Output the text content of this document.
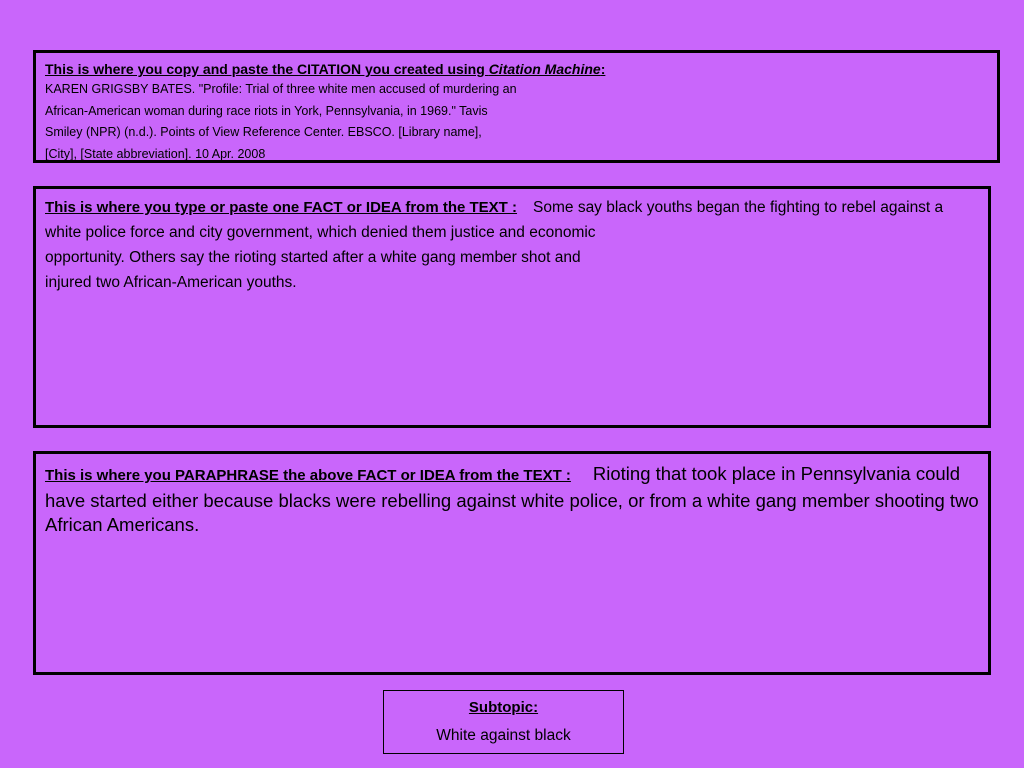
This is where you copy and paste the CITATION you created using Citation Machine:
KAREN GRIGSBY BATES. "Profile: Trial of three white men accused of murdering an
African-American woman during race riots in York, Pennsylvania, in 1969." Tavis
Smiley (NPR) (n.d.). Points of View Reference Center. EBSCO. [Library name],
[City], [State abbreviation]. 10 Apr. 2008

This is where you type or paste one FACT or IDEA from the TEXT : Some say black youths began the fighting to rebel against a white police force and city government, which denied them justice and economic

opportunity. Others say the rioting started after a white gang member shot and

injured two African-American youths.

This is where you PARAPHRASE the above FACT or IDEA from the TEXT : Rioting that took place in Pennsylvania could have started either because blacks were rebelling against white police, or from a white gang member shooting two African Americans.

Subtopic:
White against black
